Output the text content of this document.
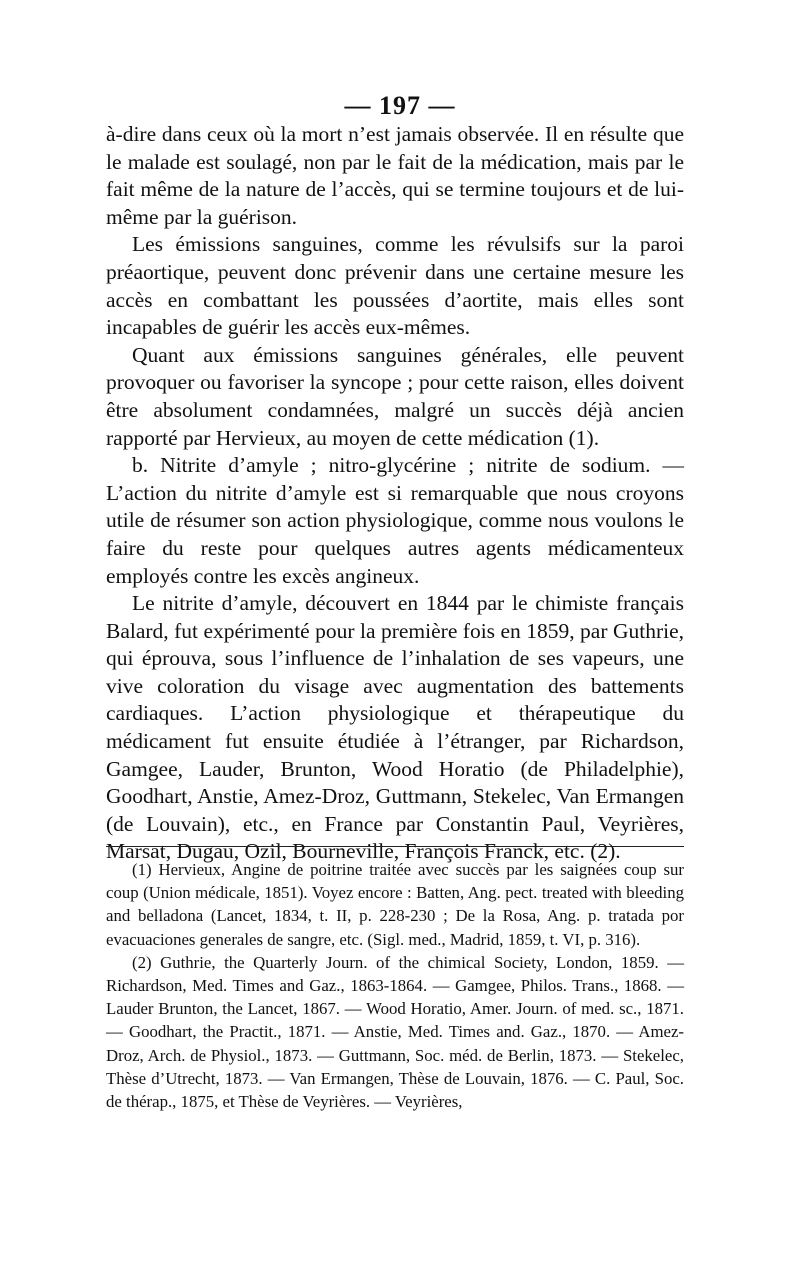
— 197 —

à-dire dans ceux où la mort n’est jamais observée. Il en résulte que le malade est soulagé, non par le fait de la médication, mais par le fait même de la nature de l’accès, qui se termine toujours et de lui-même par la guérison.

Les émissions sanguines, comme les révulsifs sur la paroi préaortique, peuvent donc prévenir dans une certaine mesure les accès en combattant les poussées d’aortite, mais elles sont incapables de guérir les accès eux-mêmes.

Quant aux émissions sanguines générales, elle peuvent provoquer ou favoriser la syncope ; pour cette raison, elles doivent être absolument condamnées, malgré un succès déjà ancien rapporté par Hervieux, au moyen de cette médication (1).

b. Nitrite d’amyle ; nitro-glycérine ; nitrite de sodium. — L’action du nitrite d’amyle est si remarquable que nous croyons utile de résumer son action physiologique, comme nous voulons le faire du reste pour quelques autres agents médicamenteux employés contre les excès angineux.

Le nitrite d’amyle, découvert en 1844 par le chimiste français Balard, fut expérimenté pour la première fois en 1859, par Guthrie, qui éprouva, sous l’influence de l’inhalation de ses vapeurs, une vive coloration du visage avec augmentation des battements cardiaques. L’action physiologique et thérapeutique du médicament fut ensuite étudiée à l’étranger, par Richardson, Gamgee, Lauder, Brunton, Wood Horatio (de Philadelphie), Goodhart, Anstie, Amez-Droz, Guttmann, Stekelec, Van Ermangen (de Louvain), etc., en France par Constantin Paul, Veyrières, Marsat, Dugau, Ozil, Bourneville, François Franck, etc. (2).

(1) Hervieux, Angine de poitrine traitée avec succès par les saignées coup sur coup (Union médicale, 1851). Voyez encore : Batten, Ang. pect. treated with bleeding and belladona (Lancet, 1834, t. II, p. 228-230 ; De la Rosa, Ang. p. tratada por evacuaciones generales de sangre, etc. (Sigl. med., Madrid, 1859, t. VI, p. 316).

(2) Guthrie, the Quarterly Journ. of the chimical Society, London, 1859. — Richardson, Med. Times and Gaz., 1863-1864. — Gamgee, Philos. Trans., 1868. — Lauder Brunton, the Lancet, 1867. — Wood Horatio, Amer. Journ. of med. sc., 1871. — Goodhart, the Practit., 1871. — Anstie, Med. Times and. Gaz., 1870. — Amez-Droz, Arch. de Physiol., 1873. — Guttmann, Soc. méd. de Berlin, 1873. — Stekelec, Thèse d’Utrecht, 1873. — Van Ermangen, Thèse de Louvain, 1876. — C. Paul, Soc. de thérap., 1875, et Thèse de Veyrières. — Veyrières,
